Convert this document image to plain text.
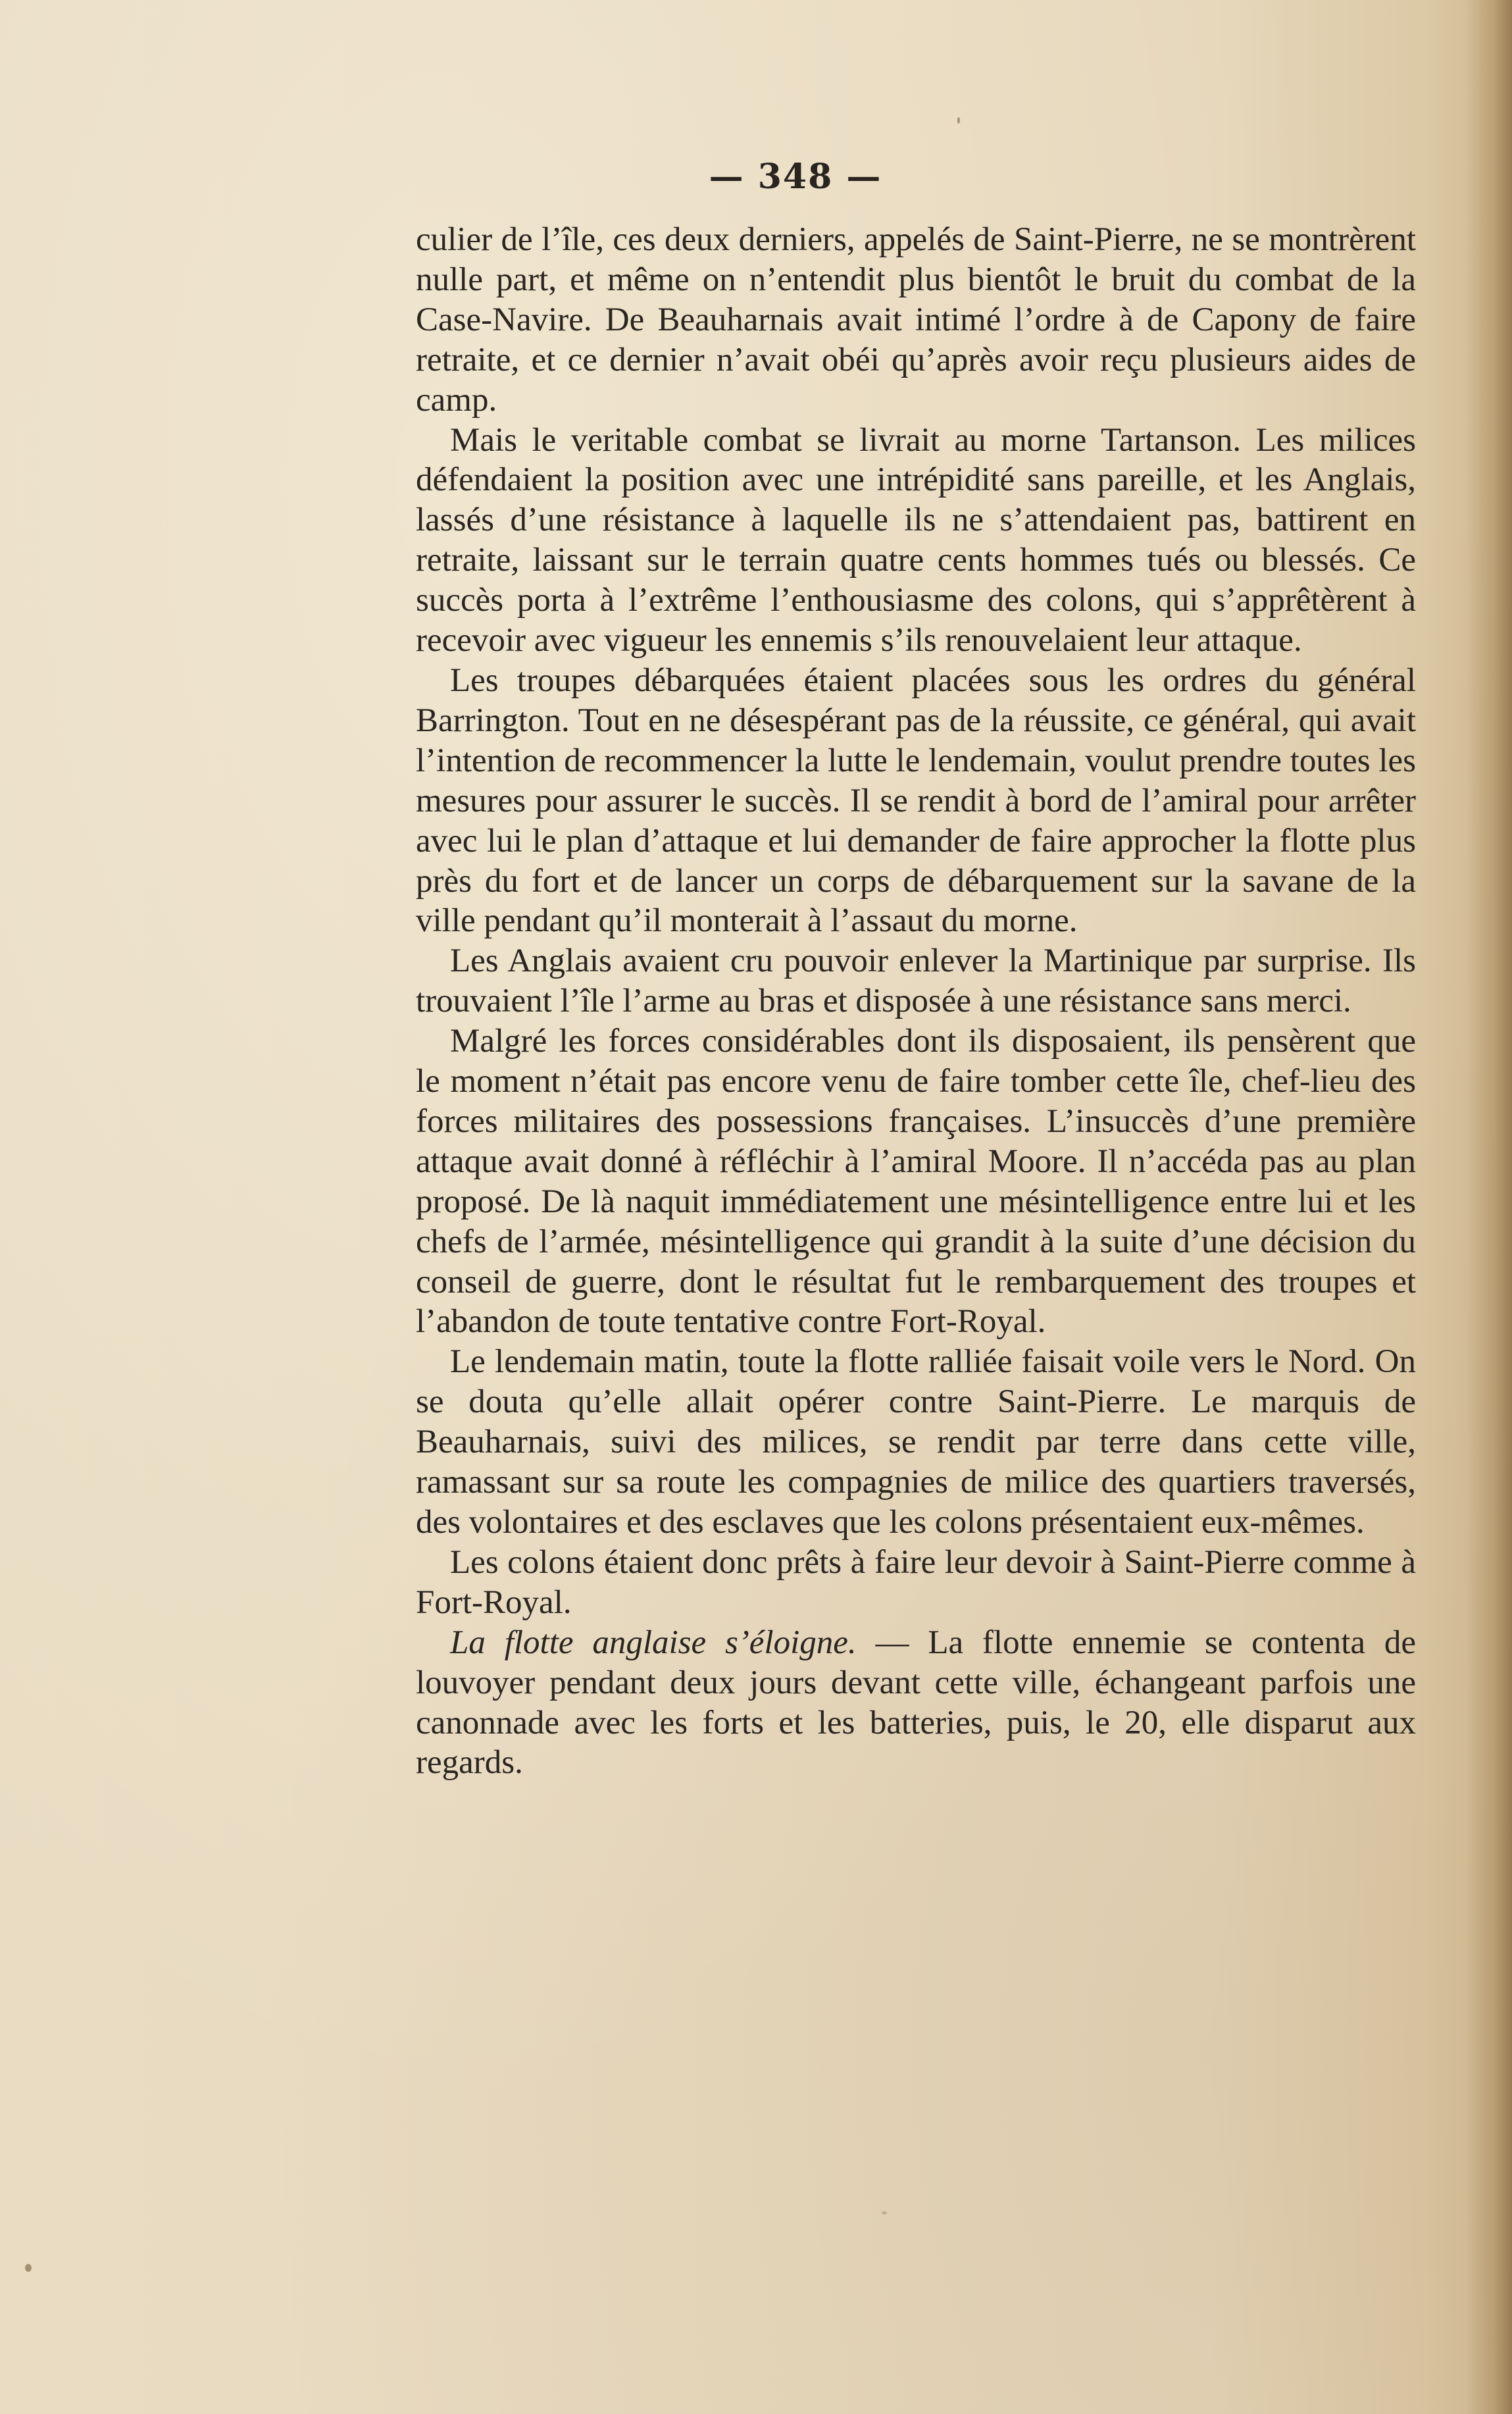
— 348 —

culier de l’île, ces deux derniers, appelés de Saint-Pierre, ne se montrèrent nulle part, et même on n’entendit plus bientôt le bruit du combat de la Case-Navire. De Beauharnais avait intimé l’ordre à de Capony de faire retraite, et ce dernier n’avait obéi qu’après avoir reçu plusieurs aides de camp.

Mais le veritable combat se livrait au morne Tartanson. Les milices défendaient la position avec une intrépidité sans pareille, et les Anglais, lassés d’une résistance à laquelle ils ne s’attendaient pas, battirent en retraite, laissant sur le terrain quatre cents hommes tués ou blessés. Ce succès porta à l’extrême l’enthousiasme des colons, qui s’apprêtèrent à recevoir avec vigueur les ennemis s’ils renouvelaient leur attaque.

Les troupes débarquées étaient placées sous les ordres du général Barrington. Tout en ne désespérant pas de la réussite, ce général, qui avait l’intention de recommencer la lutte le lendemain, voulut prendre toutes les mesures pour assurer le succès. Il se rendit à bord de l’amiral pour arrêter avec lui le plan d’attaque et lui demander de faire approcher la flotte plus près du fort et de lancer un corps de débarquement sur la savane de la ville pendant qu’il monterait à l’assaut du morne.

Les Anglais avaient cru pouvoir enlever la Martinique par surprise. Ils trouvaient l’île l’arme au bras et disposée à une résistance sans merci.

Malgré les forces considérables dont ils disposaient, ils pensèrent que le moment n’était pas encore venu de faire tomber cette île, chef-lieu des forces militaires des possessions françaises. L’insuccès d’une première attaque avait donné à réfléchir à l’amiral Moore. Il n’accéda pas au plan proposé. De là naquit immédiatement une mésintelligence entre lui et les chefs de l’armée, mésintelligence qui grandit à la suite d’une décision du conseil de guerre, dont le résultat fut le rembarquement des troupes et l’abandon de toute tentative contre Fort-Royal.

Le lendemain matin, toute la flotte ralliée faisait voile vers le Nord. On se douta qu’elle allait opérer contre Saint-Pierre. Le marquis de Beauharnais, suivi des milices, se rendit par terre dans cette ville, ramassant sur sa route les compagnies de milice des quartiers traversés, des volontaires et des esclaves que les colons présentaient eux-mêmes.

Les colons étaient donc prêts à faire leur devoir à Saint-Pierre comme à Fort-Royal.

La flotte anglaise s’éloigne. — La flotte ennemie se contenta de louvoyer pendant deux jours devant cette ville, échangeant parfois une canonnade avec les forts et les batteries, puis, le 20, elle disparut aux regards.
